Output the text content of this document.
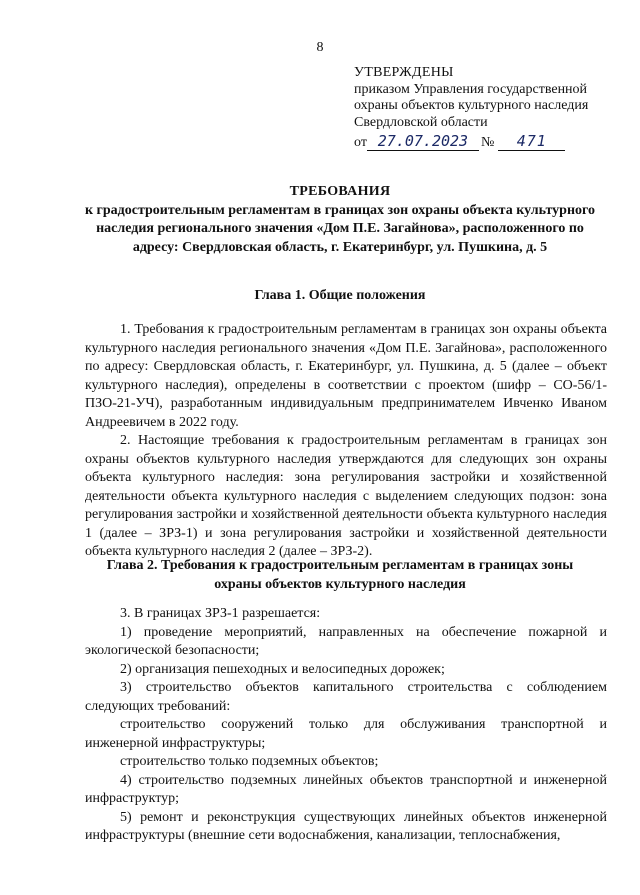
8
УТВЕРЖДЕНЫ
приказом Управления государственной
охраны объектов культурного наследия
Свердловской области
от 27.07.2023 №	471
ТРЕБОВАНИЯ
к градостроительным регламентам в границах зон охраны объекта культурного наследия регионального значения «Дом П.Е. Загайнова», расположенного по адресу: Свердловская область, г. Екатеринбург, ул. Пушкина, д. 5
Глава 1. Общие положения

1. Требования к градостроительным регламентам в границах зон охраны объекта культурного наследия регионального значения «Дом П.Е. Загайнова», расположенного по адресу: Свердловская область, г. Екатеринбург, ул. Пушкина, д. 5 (далее – объект культурного наследия), определены в соответствии с проектом (шифр – СО-56/1-ПЗО-21-УЧ), разработанным индивидуальным предпринимателем Ивченко Иваном Андреевичем в 2022 году.

2. Настоящие требования к градостроительным регламентам в границах зон охраны объектов культурного наследия утверждаются для следующих зон охраны объекта культурного наследия: зона регулирования застройки и хозяйственной деятельности объекта культурного наследия с выделением следующих подзон: зона регулирования застройки и хозяйственной деятельности объекта культурного наследия 1 (далее – ЗРЗ-1) и зона регулирования застройки и хозяйственной деятельности объекта культурного наследия 2 (далее – ЗРЗ-2).

Глава 2. Требования к градостроительным регламентам в границах зоны охраны объектов культурного наследия

3. В границах ЗРЗ-1 разрешается:

1) проведение мероприятий, направленных на обеспечение пожарной и экологической безопасности;

2) организация пешеходных и велосипедных дорожек;

3) строительство объектов капитального строительства с соблюдением следующих требований:

строительство сооружений только для обслуживания транспортной и инженерной инфраструктуры;

строительство только подземных объектов;

4) строительство подземных линейных объектов транспортной и инженерной инфраструктур;

5) ремонт и реконструкция существующих линейных объектов инженерной инфраструктуры (внешние сети водоснабжения, канализации, теплоснабжения,
